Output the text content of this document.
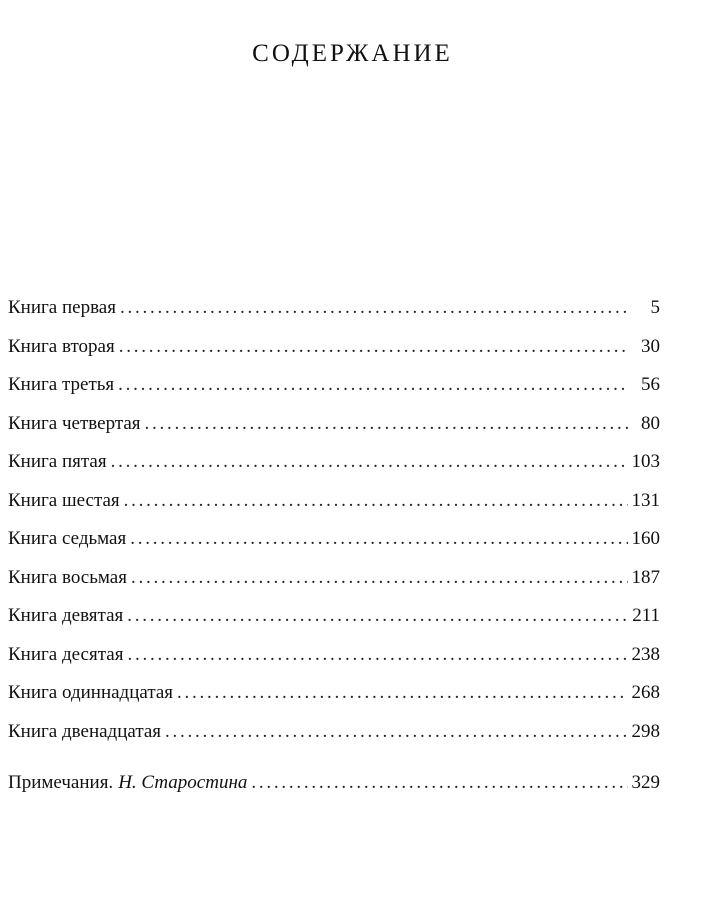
СОДЕРЖАНИЕ
Книга первая . . .	5
Книга вторая . . .	30
Книга третья . . .	56
Книга четвертая . . .	80
Книга пятая . . .	103
Книга шестая . . .	131
Книга седьмая . . .	160
Книга восьмая . . .	187
Книга девятая . . .	211
Книга десятая . . .	238
Книга одиннадцатая . . .	268
Книга двенадцатая . . .	298
Примечания. Н. Старостина . . .	329
